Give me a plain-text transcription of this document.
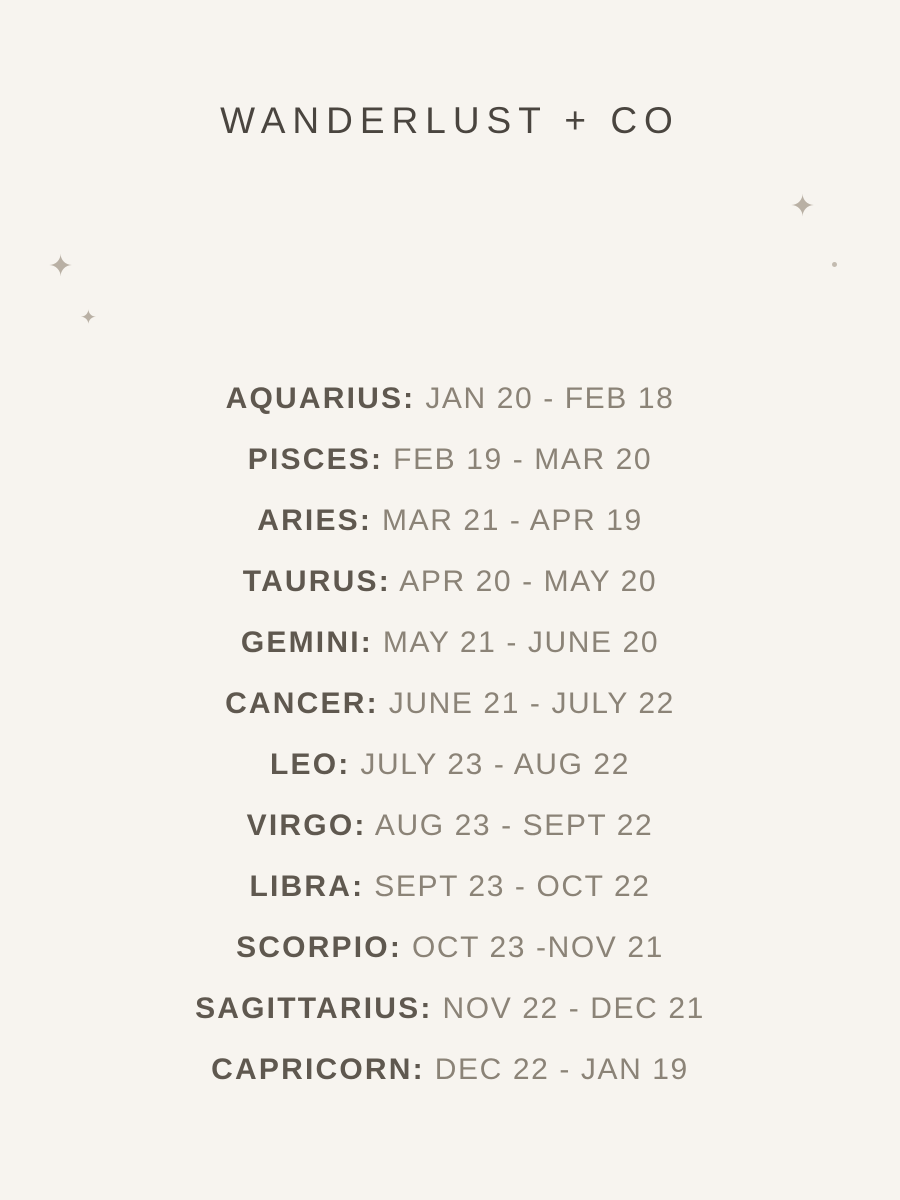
WANDERLUST + CO
✦
✦
✦
AQUARIUS: JAN 20 - FEB 18
PISCES: FEB 19 - MAR 20
ARIES: MAR 21 - APR 19
TAURUS: APR 20 - MAY 20
GEMINI: MAY 21 - JUNE 20
CANCER: JUNE 21 - JULY 22
LEO: JULY 23 - AUG 22
VIRGO: AUG 23 - SEPT 22
LIBRA: SEPT 23 - OCT 22
SCORPIO: OCT 23 -NOV 21
SAGITTARIUS: NOV 22 - DEC 21
CAPRICORN: DEC 22 - JAN 19
